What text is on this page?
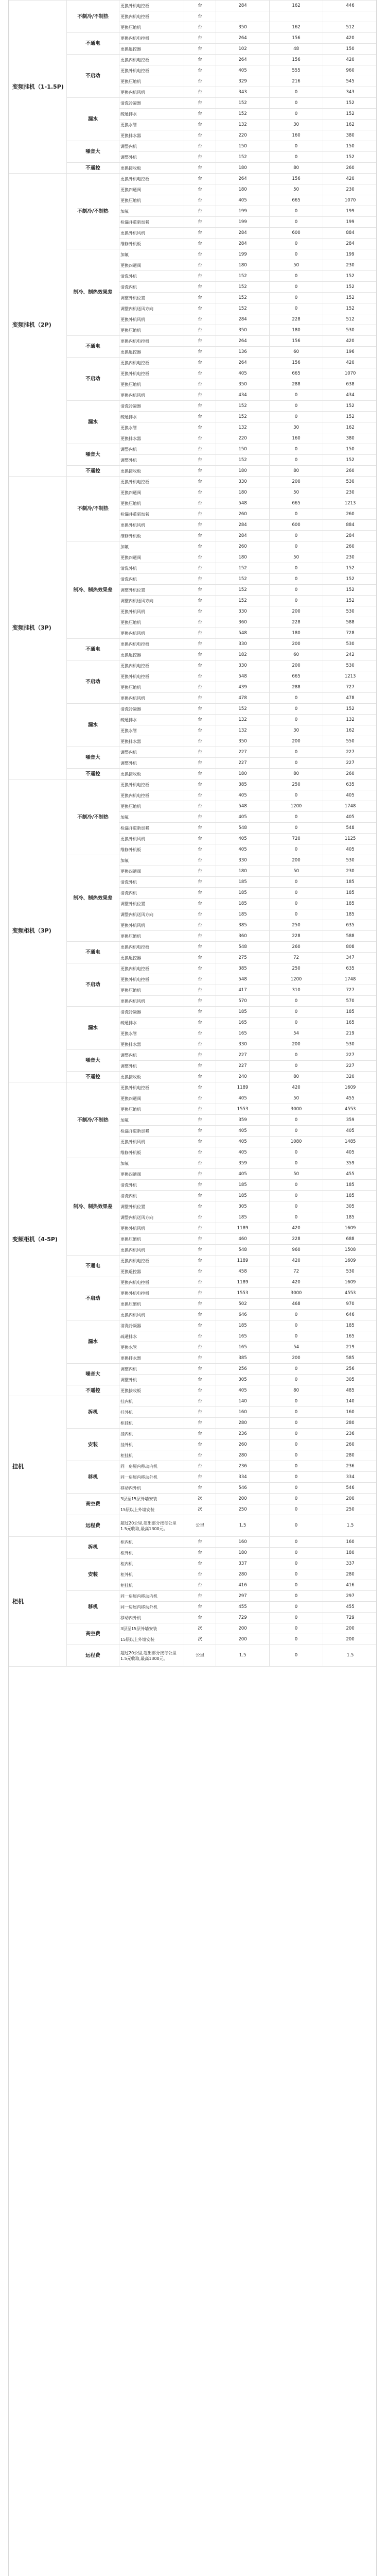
变频挂机（1-1.5P)	不制冷/不制热	更换外机电控板	台	284	162	446
		更换内机电控板	台			
		更换压缩机	台	350	162	512
	不通电	更换内机电控板	台	264	156	420
		更换遥控器	台	102	48	150
	不启动	更换内机电控板	台	264	156	420
		更换外机电控板	台	405	555	960
		更换压缩机	台	329	216	545
		更换内机风机	台	343	0	343
	漏水	清洗冷凝器	台	152	0	152
		疏通排水	台	152	0	152
		更换水管	台	132	30	162
		更换排水器	台	220	160	380
	噪音大	调整内机	台	150	0	150
		调整外机	台	152	0	152
	不遥控	更换接收板	台	180	80	260
变频挂机（2P)	不制冷/不制热	更换外机电控板	台	264	156	420
		更换四通阀	台	180	50	230
		更换压缩机	台	405	665	1070
		加氟	台	199	0	199
		检漏并重新加氟	台	199	0	199
		更换外机风机	台	284	600	884
		维修外机板	台	284	0	284
	制冷、制热效果差	加氟	台	199	0	199
		更换四通阀	台	180	50	230
		清洗外机	台	152	0	152
		清洗内机	台	152	0	152
		调整外机位置	台	152	0	152
		调整内机送风方向	台	152	0	152
		更换外机风机	台	284	228	512
		更换压缩机	台	350	180	530
	不通电	更换内机电控板	台	264	156	420
		更换遥控器	台	136	60	196
	不启动	更换内机电控板	台	264	156	420
		更换外机电控板	台	405	665	1070
		更换压缩机	台	350	288	638
		更换内机风机	台	434	0	434
	漏水	清洗冷凝器	台	152	0	152
		疏通排水	台	152	0	152
		更换水管	台	132	30	162
		更换排水器	台	220	160	380
	噪音大	调整内机	台	150	0	150
		调整外机	台	152	0	152
	不遥控	更换接收板	台	180	80	260
变频挂机（3P)	不制冷/不制热	更换外机电控板	台	330	200	530
		更换四通阀	台	180	50	230
		更换压缩机	台	548	665	1213
		检漏并重新加氟	台	260	0	260
		更换外机风机	台	284	600	884
		维修外机板	台	284	0	284
	制冷、制热效果差	加氟	台	260	0	260
		更换四通阀	台	180	50	230
		清洗外机	台	152	0	152
		清洗内机	台	152	0	152
		调整外机位置	台	152	0	152
		调整内机送风方向	台	152	0	152
		更换外机风机	台	330	200	530
		更换压缩机	台	360	228	588
		更换内机风机	台	548	180	728
	不通电	更换内机电控板	台	330	200	530
		更换遥控器	台	182	60	242
	不启动	更换内机电控板	台	330	200	530
		更换外机电控板	台	548	665	1213
		更换压缩机	台	439	288	727
		更换内机风机	台	478	0	478
	漏水	清洗冷凝器	台	152	0	152
		疏通排水	台	132	0	132
		更换水管	台	132	30	162
		更换排水器	台	350	200	550
	噪音大	调整内机	台	227	0	227
		调整外机	台	227	0	227
	不遥控	更换接收板	台	180	80	260
变频柜机（3P)	不制冷/不制热	更换外机电控板	台	385	250	635
		更换内机电控板	台	405	0	405
		更换压缩机	台	548	1200	1748
		加氟	台	405	0	405
		检漏并重新加氟	台	548	0	548
		更换外机风机	台	405	720	1125
		维修外机板	台	405	0	405
	制冷、制热效果差	加氟	台	330	200	530
		更换四通阀	台	180	50	230
		清洗外机	台	185	0	185
		清洗内机	台	185	0	185
		调整外机位置	台	185	0	185
		调整内机送风方向	台	185	0	185
		更换外机风机	台	385	250	635
		更换压缩机	台	360	228	588
	不通电	更换内机电控板	台	548	260	808
		更换遥控器	台	275	72	347
	不启动	更换内机电控板	台	385	250	635
		更换外机电控板	台	548	1200	1748
		更换压缩机	台	417	310	727
		更换内机风机	台	570	0	570
	漏水	清洗冷凝器	台	185	0	185
		疏通排水	台	165	0	165
		更换水管	台	165	54	219
		更换排水器	台	330	200	530
	噪音大	调整内机	台	227	0	227
		调整外机	台	227	0	227
	不遥控	更换接收板	台	240	80	320
变频柜机（4-5P)	不制冷/不制热	更换外机电控板	台	1189	420	1609
		更换四通阀	台	405	50	455
		更换压缩机	台	1553	3000	4553
		加氟	台	359	0	359
		检漏并重新加氟	台	405	0	405
		更换外机风机	台	405	1080	1485
		维修外机板	台	405	0	405
	制冷、制热效果差	加氟	台	359	0	359
		更换四通阀	台	405	50	455
		清洗外机	台	185	0	185
		清洗内机	台	185	0	185
		调整外机位置	台	305	0	305
		调整内机送风方向	台	185	0	185
		更换外机风机	台	1189	420	1609
		更换压缩机	台	460	228	688
		更换内机风机	台	548	960	1508
	不通电	更换内机电控板	台	1189	420	1609
		更换遥控器	台	458	72	530
	不启动	更换内机电控板	台	1189	420	1609
		更换外机电控板	台	1553	3000	4553
		更换压缩机	台	502	468	970
		更换内机风机	台	646	0	646
	漏水	清洗冷凝器	台	185	0	185
		疏通排水	台	165	0	165
		更换水管	台	165	54	219
		更换排水器	台	385	200	585
	噪音大	调整内机	台	256	0	256
		调整外机	台	305	0	305
	不遥控	更换接收板	台	405	80	485
挂机	拆机	挂内机	台	140	0	140
		挂外机	台	160	0	160
		柜挂机	台	280	0	280
	安装	挂内机	台	236	0	236
		挂外机	台	260	0	260
		柜挂机	台	280	0	280
	移机	同一房屋内移动内机	台	236	0	236
		同一房屋内移动外机	台	334	0	334
		移动内外机	台	546	0	546
	高空费	3层至15层外墙安装	次	200	0	200
		15层以上外墙安装	次	250	0	250
	远程费	超过20公里,超出部分按每公里1.5元收取,最高1300元。	公里	1.5	0	1.5
柜机	拆机	柜内机	台	160	0	160
		柜外机	台	180	0	180
	安装	柜内机	台	337	0	337
		柜外机	台	280	0	280
		柜挂机	台	416	0	416
	移机	同一房屋内移动内机	台	297	0	297
		同一房屋内移动外机	台	455	0	455
		移动内外机	台	729	0	729
	高空费	3层至15层外墙安装	次	200	0	200
		15层以上外墙安装	次	200	0	200
	远程费	超过20公里,超出部分按每公里1.5元收取,最高1300元。	公里	1.5	0	1.5
